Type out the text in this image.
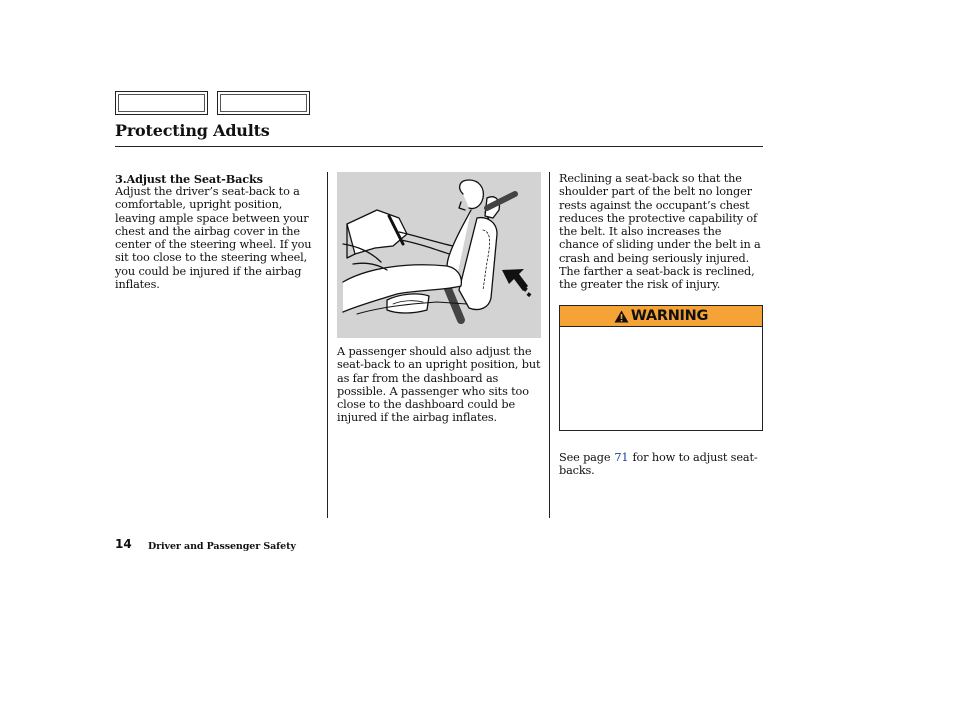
Protecting Adults
3.Adjust the Seat-Backs
Adjust the driver’s seat-back to a comfortable, upright position, leaving ample space between your chest and the airbag cover in the center of the steering wheel. If you sit too close to the steering wheel, you could be injured if the airbag inflates.
A passenger should also adjust the seat-back to an upright position, but as far from the dashboard as possible. A passenger who sits too close to the dashboard could be injured if the airbag inflates.
Reclining a seat-back so that the shoulder part of the belt no longer rests against the occupant’s chest reduces the protective capability of the belt. It also increases the chance of sliding under the belt in a crash and being seriously injured. The farther a seat-back is reclined, the greater the risk of injury.
WARNING
See page 71 for how to adjust seat-backs.
14 Driver and Passenger Safety
